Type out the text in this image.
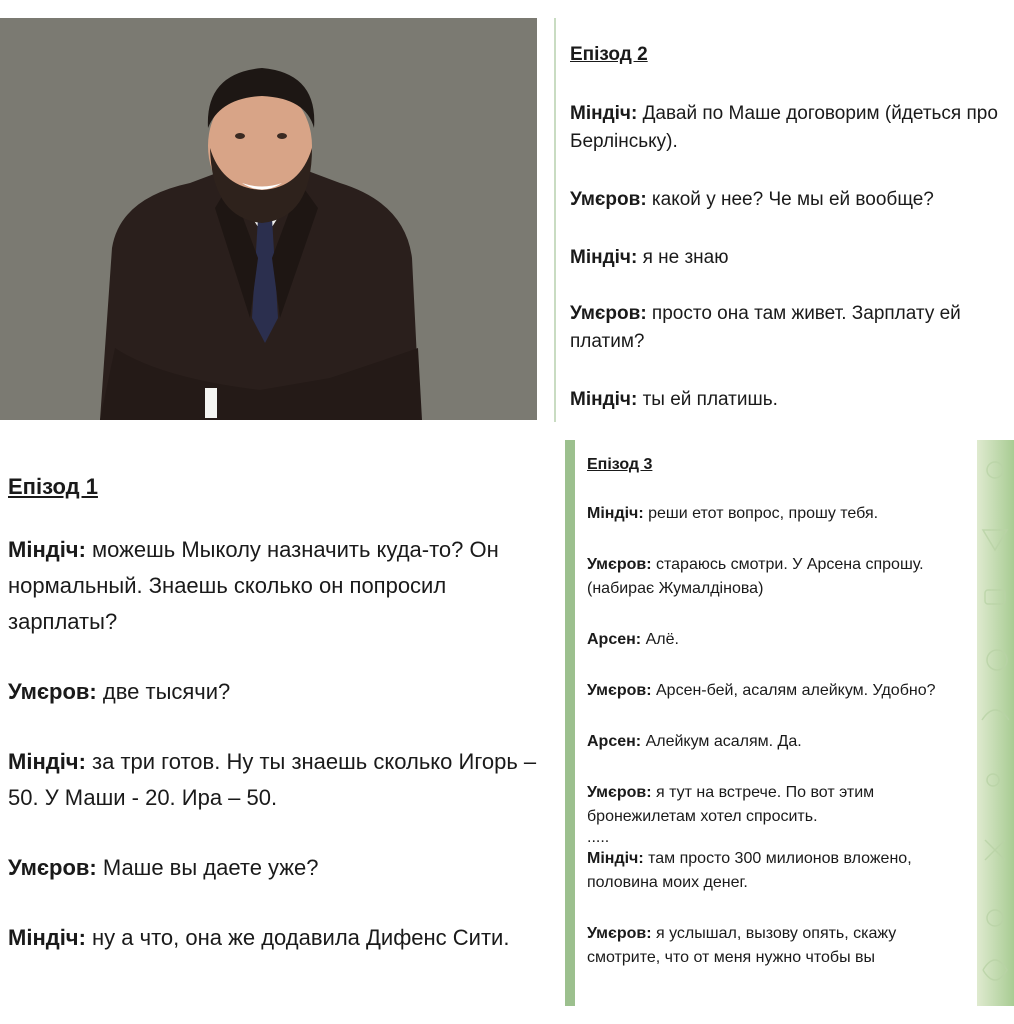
Епізод 2
Міндіч: Давай по Маше договорим (йдеться про Берлінську).
Умєров: какой у нее? Че мы ей вообще?
Міндіч: я не знаю
Умєров: просто она там живет. Зарплату ей платим?
Міндіч: ты ей платишь.
Епізод 1
Міндіч: можешь Мыколу назначить куда-то? Он нормальный. Знаешь сколько он попросил зарплаты?
Умєров: две тысячи?
Міндіч: за три готов. Ну ты знаешь сколько Игорь – 50. У Маши - 20. Ира – 50.
Умєров: Маше вы даете уже?
Міндіч: ну а что, она же додавила Дифенс Сити.
Епізод 3
Міндіч: реши етот вопрос, прошу тебя.
Умєров: стараюсь смотри. У Арсена спрошу. (набирає Жумалдінова)
Арсен: Алё.
Умєров: Арсен-бей, асалям алейкум. Удобно?
Арсен: Алейкум асалям. Да.
Умєров: я тут на встрече. По вот этим бронежилетам хотел спросить.
.....
Міндіч: там просто 300 милионов вложено, половина моих денег.
Умєров: я услышал, вызову опять, скажу смотрите, что от меня нужно чтобы вы
